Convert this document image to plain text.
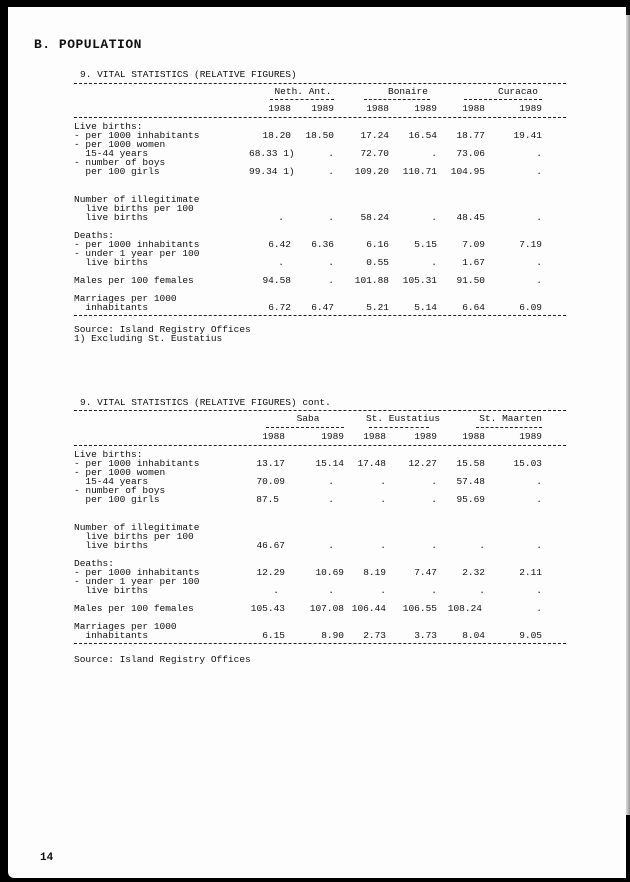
B. POPULATION
9. VITAL STATISTICS (RELATIVE FIGURES)
Neth. Ant.	Bonaire	Curacao
1988	1989	1988	1989	1988	1989
Live births:
- per 1000 inhabitants	18.20	18.50	17.24	16.54	18.77	19.41
- per 1000 women
15-44 years	68.33 1)	.	72.70	.	73.06	.
- number of boys
per 100 girls	99.34 1)	.	109.20	110.71	104.95	.
Number of illegitimate
live births per 100
live births	.	.	58.24	.	48.45	.
Deaths:
- per 1000 inhabitants	6.42	6.36	6.16	5.15	7.09	7.19
- under 1 year per 100
live births	.	.	0.55	.	1.67	.
Males per 100 females	94.58	.	101.88	105.31	91.50	.
Marriages per 1000
inhabitants	6.72	6.47	5.21	5.14	6.64	6.09
Source: Island Registry Offices
1) Excluding St. Eustatius
9. VITAL STATISTICS (RELATIVE FIGURES) cont.
Saba	St. Eustatius	St. Maarten
1988	1989	1988	1989	1988	1989
Live births:
- per 1000 inhabitants	13.17	15.14	17.48	12.27	15.58	15.03
- per 1000 women
15-44 years	70.09	.	.	.	57.48	.
- number of boys
per 100 girls	87.5	.	.	.	95.69	.
Number of illegitimate
live births per 100
live births	46.67	.	.	.	.	.
Deaths:
- per 1000 inhabitants	12.29	10.69	8.19	7.47	2.32	2.11
- under 1 year per 100
live births	.	.	.	.	.	.
Males per 100 females	105.43	107.08 106.44	106.55	108.24	.
Marriages per 1000
inhabitants	6.15	8.90	2.73	3.73	8.04	9.05
Source: Island Registry Offices
14
